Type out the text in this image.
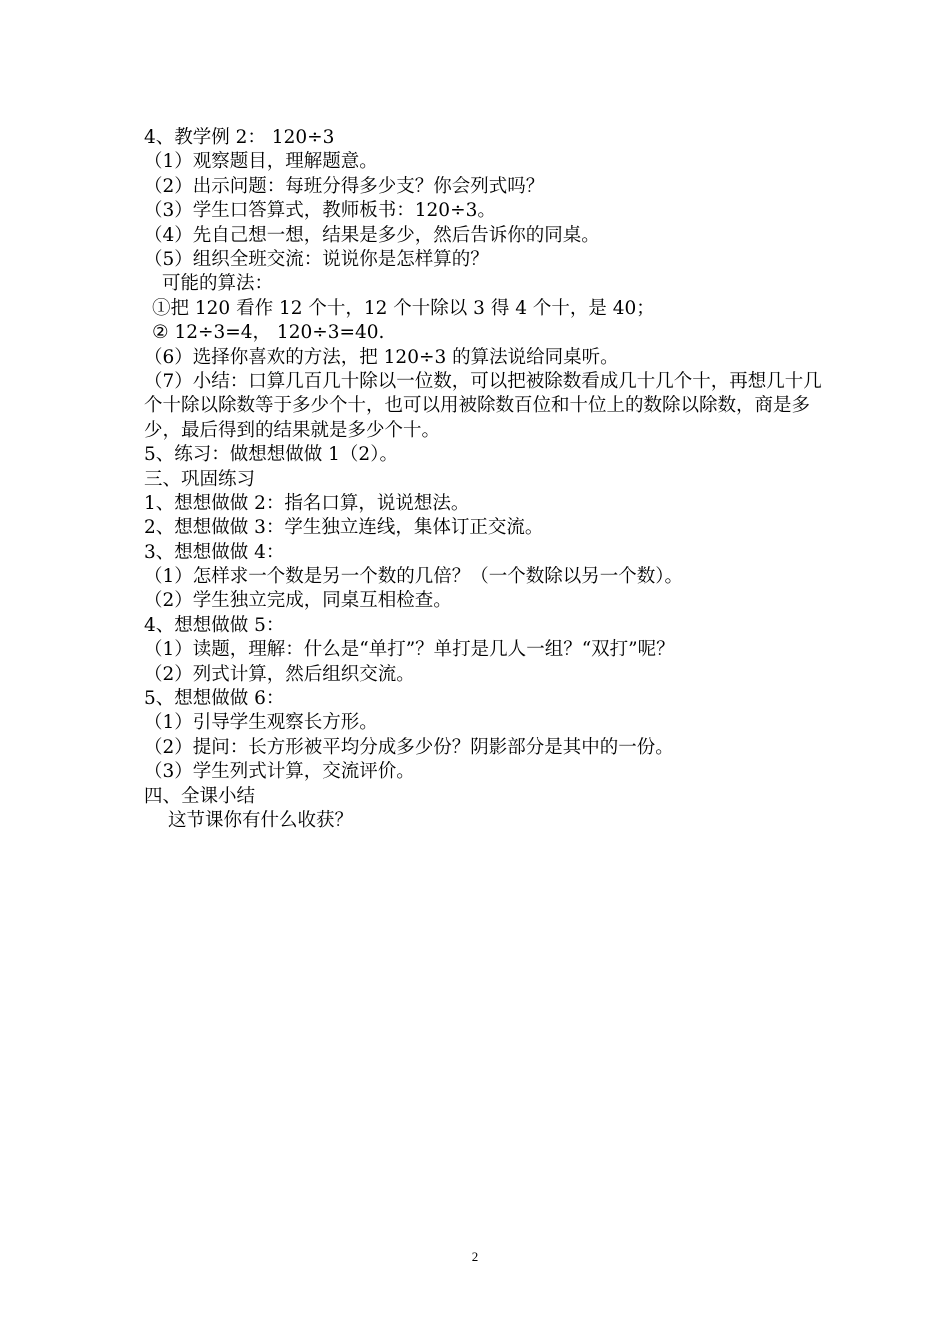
4、教学例 2： 120÷3
（1）观察题目，理解题意。
（2）出示问题：每班分得多少支？你会列式吗？
（3）学生口答算式，教师板书：120÷3。
（4）先自己想一想，结果是多少，然后告诉你的同桌。
（5）组织全班交流：说说你是怎样算的？
可能的算法：
①把 120 看作 12 个十，12 个十除以 3 得 4 个十，是 40；
② 12÷3=4， 120÷3=40.
（6）选择你喜欢的方法，把 120÷3 的算法说给同桌听。
（7）小结：口算几百几十除以一位数，可以把被除数看成几十几个十，再想几十几个十除以除数等于多少个十，也可以用被除数百位和十位上的数除以除数，商是多少，最后得到的结果就是多少个十。
5、练习：做想想做做 1（2）。
三、巩固练习
1、想想做做 2：指名口算，说说想法。
2、想想做做 3：学生独立连线，集体订正交流。
3、想想做做 4：
（1）怎样求一个数是另一个数的几倍？（一个数除以另一个数）。
（2）学生独立完成，同桌互相检查。
4、想想做做 5：
（1）读题，理解：什么是“单打”？单打是几人一组？“双打”呢？
（2）列式计算，然后组织交流。
5、想想做做 6：
（1）引导学生观察长方形。
（2）提问：长方形被平均分成多少份？阴影部分是其中的一份。
（3）学生列式计算，交流评价。
四、全课小结
这节课你有什么收获？
2
